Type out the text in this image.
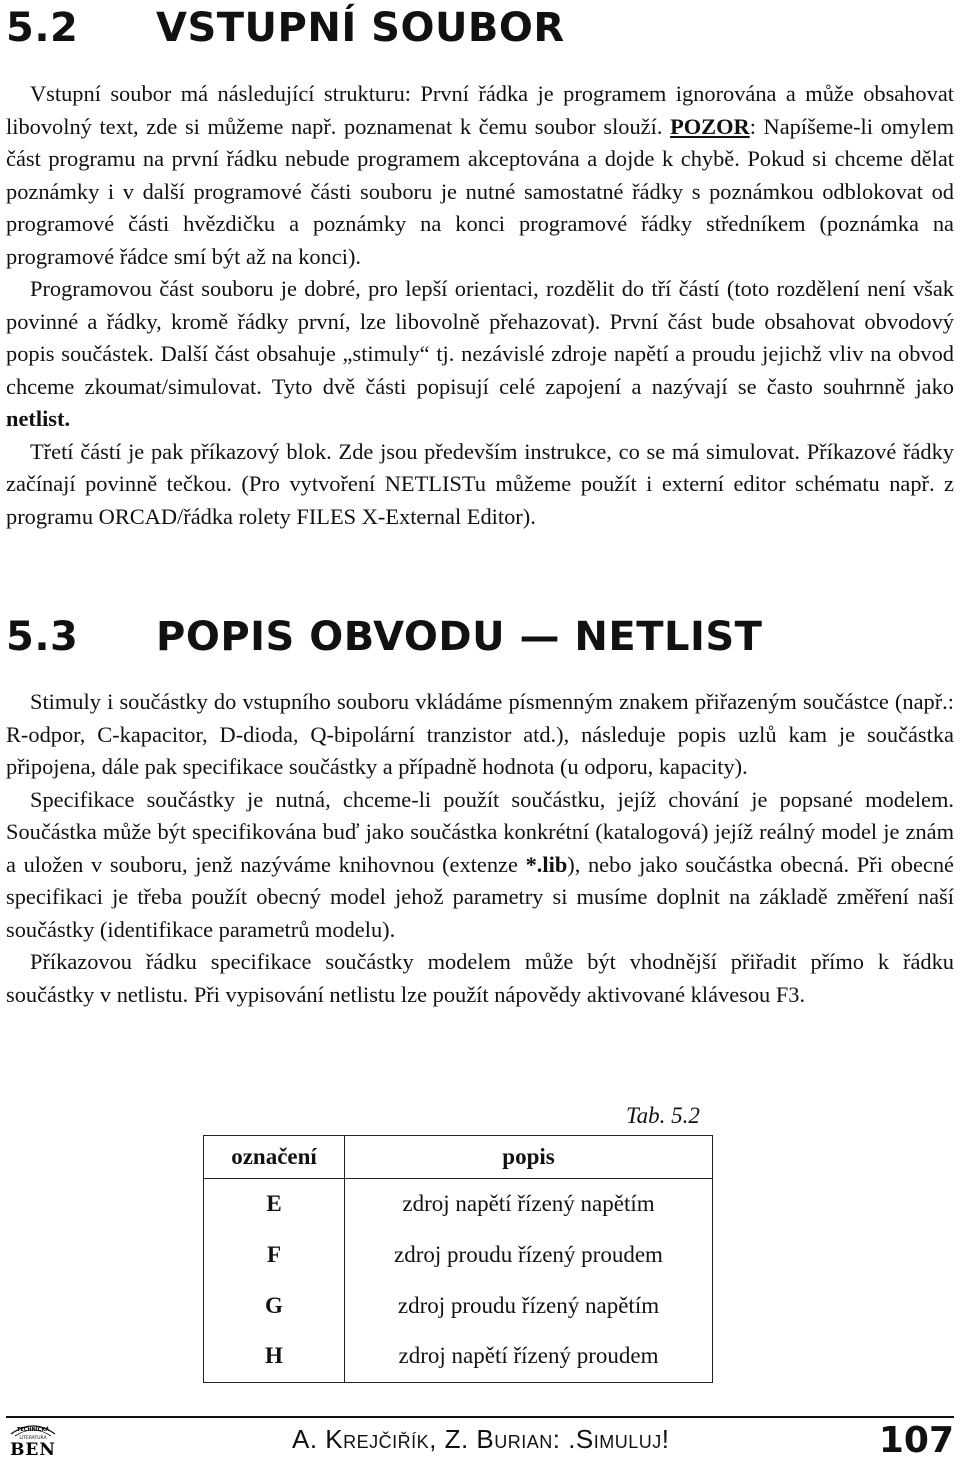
5.2 VSTUPNÍ SOUBOR

Vstupní soubor má následující strukturu: První řádka je programem ignorována a může obsahovat libovolný text, zde si můžeme např. poznamenat k čemu soubor slouží. POZOR: Napíšeme-li omylem část programu na první řádku nebude programem akceptována a dojde k chybě. Pokud si chceme dělat poznámky i v další programové části souboru je nutné samostatné řádky s poznámkou odblokovat od programové části hvězdičku a poznámky na konci programové řádky středníkem (poznámka na programové řádce smí být až na konci).

Programovou část souboru je dobré, pro lepší orientaci, rozdělit do tří částí (toto rozdělení není však povinné a řádky, kromě řádky první, lze libovolně přehazovat). První část bude obsahovat obvodový popis součástek. Další část obsahuje „stimuly“ tj. nezávislé zdroje napětí a proudu jejichž vliv na obvod chceme zkoumat/simulovat. Tyto dvě části popisují celé zapojení a nazývají se často souhrnně jako netlist.

Třetí částí je pak příkazový blok. Zde jsou především instrukce, co se má simulovat. Příkazové řádky začínají povinně tečkou. (Pro vytvoření NETLISTu můžeme použít i externí editor schématu např. z programu ORCAD/řádka rolety FILES X-External Editor).

5.3 POPIS OBVODU — NETLIST

Stimuly i součástky do vstupního souboru vkládáme písmenným znakem přiřazeným součástce (např.: R-odpor, C-kapacitor, D-dioda, Q-bipolární tranzistor atd.), následuje popis uzlů kam je součástka připojena, dále pak specifikace součástky a případně hodnota (u odporu, kapacity).

Specifikace součástky je nutná, chceme-li použít součástku, jejíž chování je popsané modelem. Součástka může být specifikována buď jako součástka konkrétní (katalogová) jejíž reálný model je znám a uložen v souboru, jenž nazýváme knihovnou (extenze *.lib), nebo jako součástka obecná. Při obecné specifikaci je třeba použít obecný model jehož parametry si musíme doplnit na základě změření naší součástky (identifikace parametrů modelu).

Příkazovou řádku specifikace součástky modelem může být vhodnější přiřadit přímo k řádku součástky v netlistu. Při vypisování netlistu lze použít nápovědy aktivované klávesou F3.

Tab. 5.2
označení	popis
E	zdroj napětí řízený napětím
F	zdroj proudu řízený proudem
G	zdroj proudu řízený napětím
H	zdroj napětí řízený proudem
TECHNICKÁ
LITERATURA
BEN	A. Krejčiřík, Z. Burian: .Simuluj!	107
